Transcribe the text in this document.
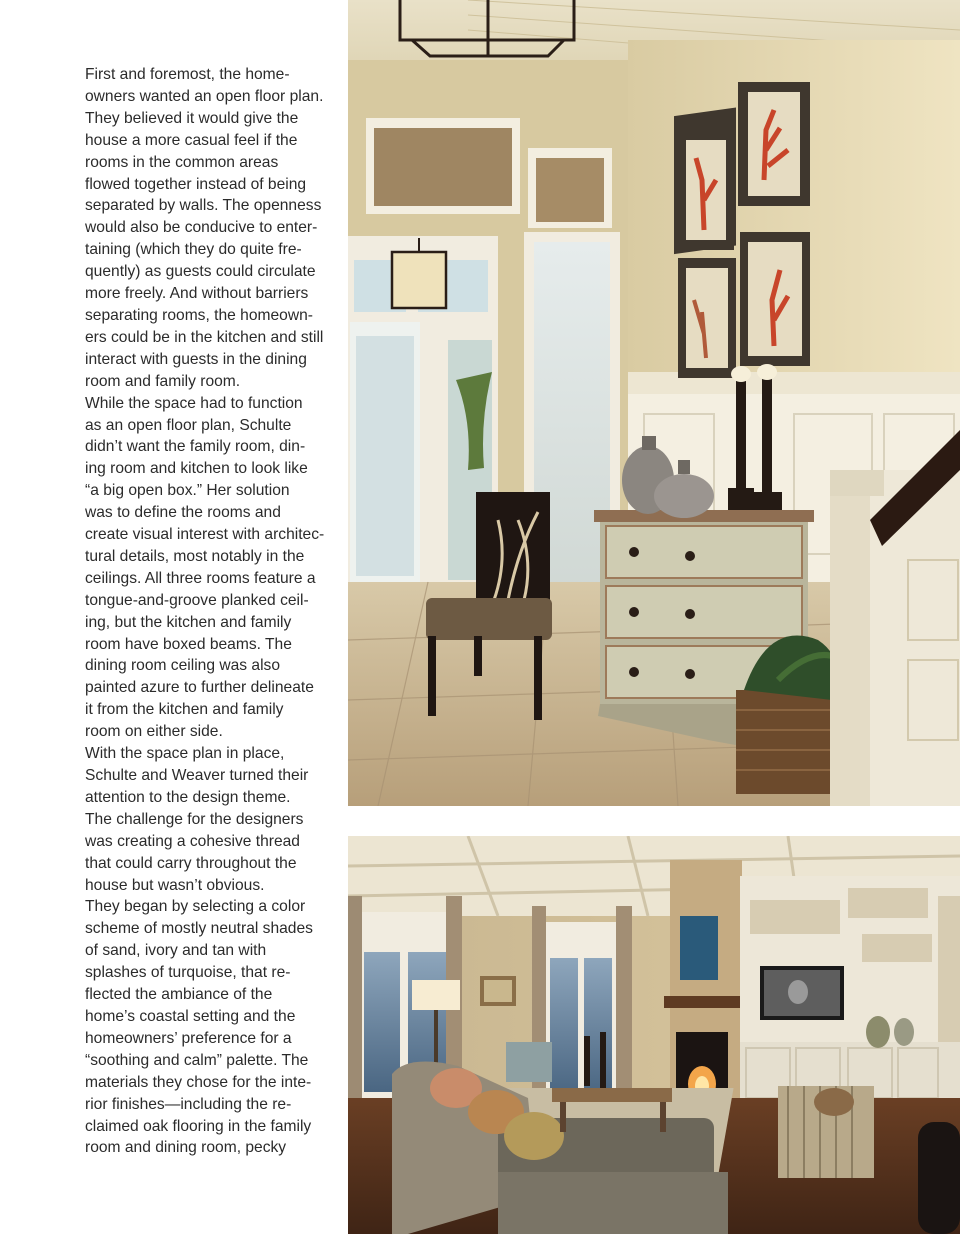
First and foremost, the home-
owners wanted an open floor plan.
They believed it would give the
house a more casual feel if the
rooms in the common areas
flowed together instead of being
separated by walls. The openness
would also be conducive to enter-
taining (which they do quite fre-
quently) as guests could circulate
more freely. And without barriers
separating rooms, the homeown-
ers could be in the kitchen and still
interact with guests in the dining
room and family room.

While the space had to function
as an open floor plan, Schulte
didn’t want the family room, din-
ing room and kitchen to look like
“a big open box.” Her solution
was to define the rooms and
create visual interest with architec-
tural details, most notably in the
ceilings. All three rooms feature a
tongue-and-groove planked ceil-
ing, but the kitchen and family
room have boxed beams. The
dining room ceiling was also
painted azure to further delineate
it from the kitchen and family
room on either side.

With the space plan in place,
Schulte and Weaver turned their
attention to the design theme.
The challenge for the designers
was creating a cohesive thread
that could carry throughout the
house but wasn’t obvious.

They began by selecting a color
scheme of mostly neutral shades
of sand, ivory and tan with
splashes of turquoise, that re-
flected the ambiance of the
home’s coastal setting and the
homeowners’ preference for a
“soothing and calm” palette. The
materials they chose for the inte-
rior finishes—including the re-
claimed oak flooring in the family
room and dining room, pecky
